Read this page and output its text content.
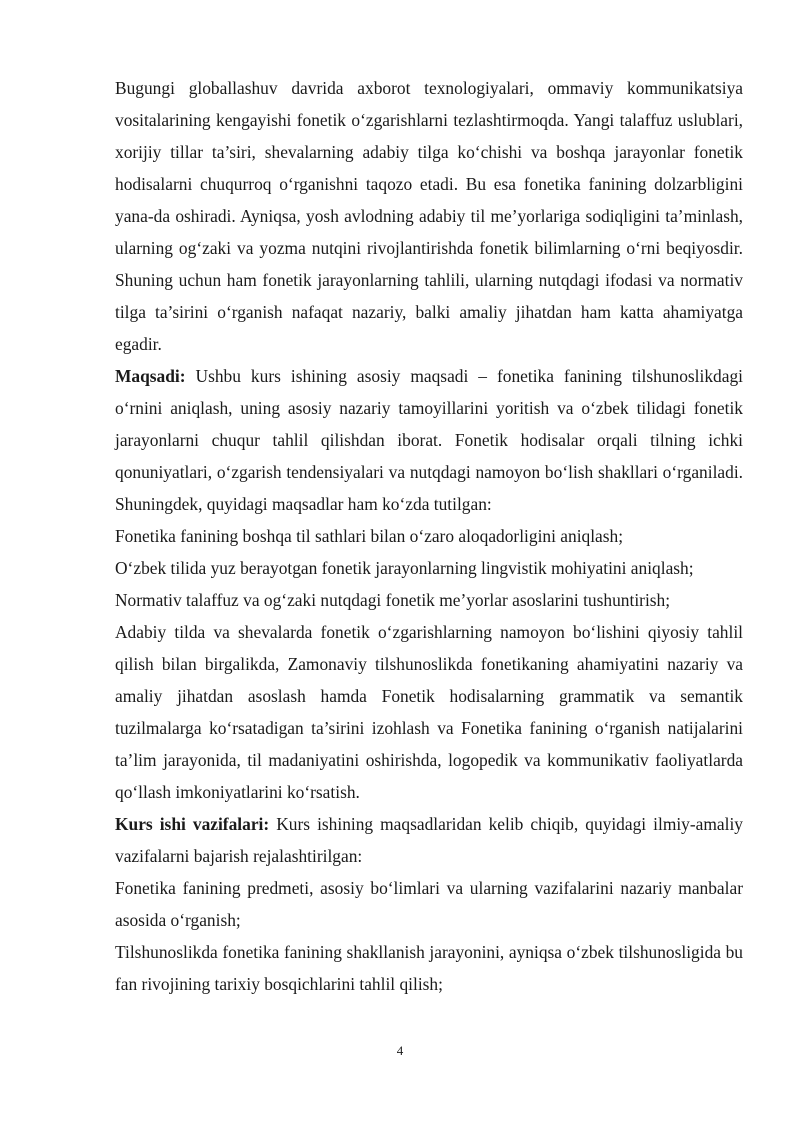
Bugungi globallashuv davrida axborot texnologiyalari, ommaviy kommunikatsiya vositalarining kengayishi fonetik o‘zgarishlarni tezlashtirmoqda. Yangi talaffuz uslublari, xorijiy tillar ta’siri, shevalarning adabiy tilga ko‘chishi va boshqa jarayonlar fonetik hodisalarni chuqurroq o‘rganishni taqozo etadi. Bu esa fonetika fanining dolzarbligini yana-da oshiradi. Ayniqsa, yosh avlodning adabiy til me’yorlariga sodiqligini ta’minlash, ularning og‘zaki va yozma nutqini rivojlantirishda fonetik bilimlarning o‘rni beqiyosdir. Shuning uchun ham fonetik jarayonlarning tahlili, ularning nutqdagi ifodasi va normativ tilga ta’sirini o‘rganish nafaqat nazariy, balki amaliy jihatdan ham katta ahamiyatga egadir.

Maqsadi: Ushbu kurs ishining asosiy maqsadi – fonetika fanining tilshunoslikdagi o‘rnini aniqlash, uning asosiy nazariy tamoyillarini yoritish va o‘zbek tilidagi fonetik jarayonlarni chuqur tahlil qilishdan iborat. Fonetik hodisalar orqali tilning ichki qonuniyatlari, o‘zgarish tendensiyalari va nutqdagi namoyon bo‘lish shakllari o‘rganiladi. Shuningdek, quyidagi maqsadlar ham ko‘zda tutilgan:

Fonetika fanining boshqa til sathlari bilan o‘zaro aloqadorligini aniqlash;

O‘zbek tilida yuz berayotgan fonetik jarayonlarning lingvistik mohiyatini aniqlash;

Normativ talaffuz va og‘zaki nutqdagi fonetik me’yorlar asoslarini tushuntirish;

Adabiy tilda va shevalarda fonetik o‘zgarishlarning namoyon bo‘lishini qiyosiy tahlil qilish bilan birgalikda, Zamonaviy tilshunoslikda fonetikaning ahamiyatini nazariy va amaliy jihatdan asoslash hamda Fonetik hodisalarning grammatik va semantik tuzilmalarga ko‘rsatadigan ta’sirini izohlash va Fonetika fanining o‘rganish natijalarini ta’lim jarayonida, til madaniyatini oshirishda, logopedik va kommunikativ faoliyatlarda qo‘llash imkoniyatlarini ko‘rsatish.

Kurs ishi vazifalari: Kurs ishining maqsadlaridan kelib chiqib, quyidagi ilmiy-amaliy vazifalarni bajarish rejalashtirilgan:

Fonetika fanining predmeti, asosiy bo‘limlari va ularning vazifalarini nazariy manbalar asosida o‘rganish;

Tilshunoslikda fonetika fanining shakllanish jarayonini, ayniqsa o‘zbek tilshunosligida bu fan rivojining tarixiy bosqichlarini tahlil qilish;

4
